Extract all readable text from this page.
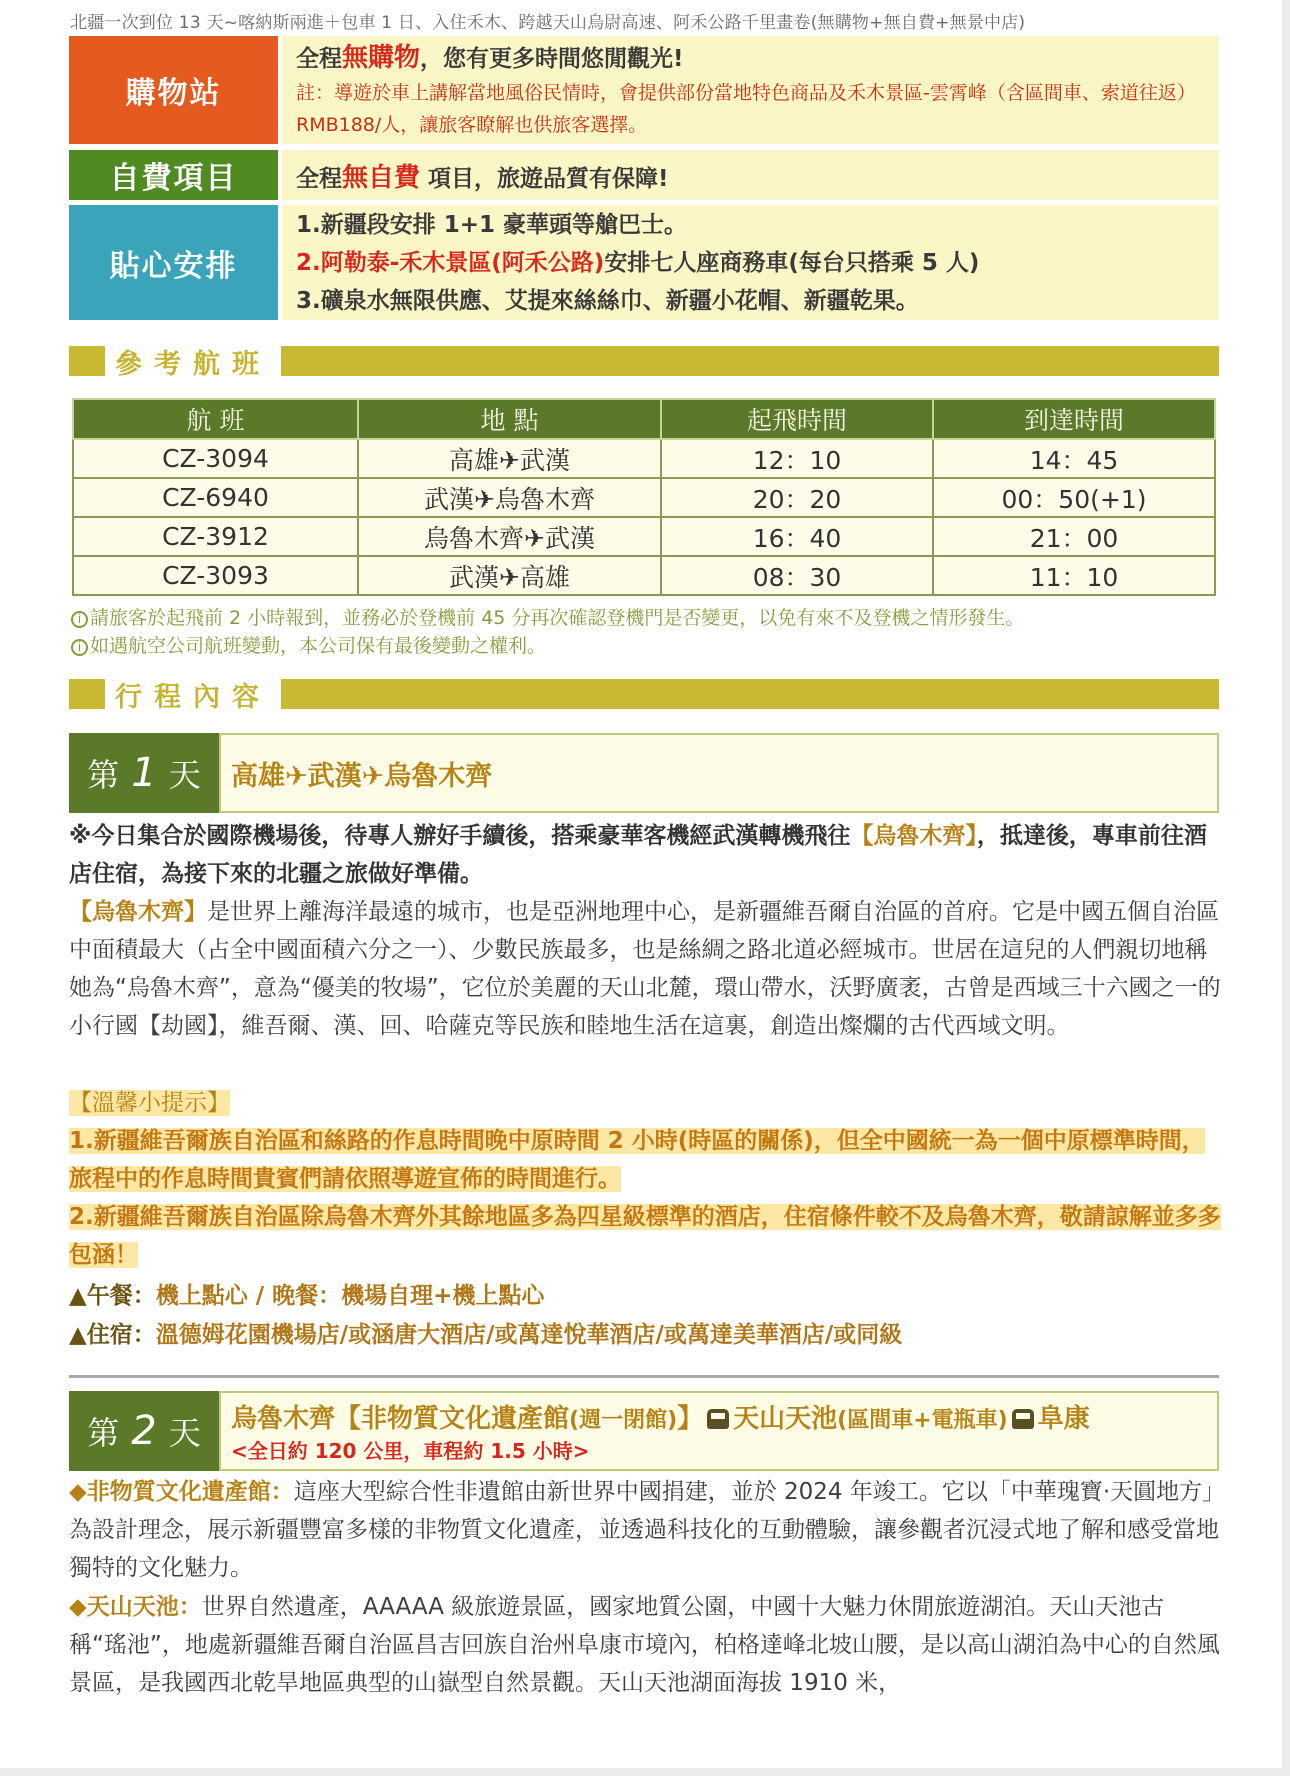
北疆一次到位 13 天~喀納斯兩進＋包車 1 日、入住禾木、跨越天山烏尉高速、阿禾公路千里畫卷(無購物+無自費+無景中店)
購物站
全程無購物，您有更多時間悠閒觀光!
註：導遊於車上講解當地風俗民情時，會提供部份當地特色商品及禾木景區-雲霄峰（含區間車、索道往返）RMB188/人，讓旅客瞭解也供旅客選擇。
自費項目	全程無自費 項目，旅遊品質有保障!
貼心安排
1.新疆段安排 1+1 豪華頭等艙巴士。
2.阿勒泰-禾木景區(阿禾公路)安排七人座商務車(每台只搭乘 5 人)
3.礦泉水無限供應、艾提來絲絲巾、新疆小花帽、新疆乾果。
參考航班
航 班	地 點	起飛時間	到達時間
CZ-3094	高雄✈武漢	12：10	14：45
CZ-6940	武漢✈烏魯木齊	20：20	00：50(+1)
CZ-3912	烏魯木齊✈武漢	16：40	21：00
CZ-3093	武漢✈高雄	08：30	11：10
i 請旅客於起飛前 2 小時報到，並務必於登機前 45 分再次確認登機門是否變更，以免有來不及登機之情形發生。
i 如遇航空公司航班變動，本公司保有最後變動之權利。
行程內容
第 1 天 高雄✈武漢✈烏魯木齊
※今日集合於國際機場後，待專人辦好手續後，搭乘豪華客機經武漢轉機飛往【烏魯木齊】，抵達後，專車前往酒店住宿，為接下來的北疆之旅做好準備。
【烏魯木齊】是世界上離海洋最遠的城市，也是亞洲地理中心，是新疆維吾爾自治區的首府。它是中國五個自治區中面積最大（占全中國面積六分之一）、少數民族最多，也是絲綢之路北道必經城市。世居在這兒的人們親切地稱她為“烏魯木齊”，意為“優美的牧場”，它位於美麗的天山北麓，環山帶水，沃野廣袤，古曾是西域三十六國之一的小行國【劫國】，維吾爾、漢、回、哈薩克等民族和睦地生活在這裏，創造出燦爛的古代西域文明。
【溫馨小提示】
1.新疆維吾爾族自治區和絲路的作息時間晚中原時間 2 小時(時區的關係)，但全中國統一為一個中原標準時間，旅程中的作息時間貴賓們請依照導遊宣佈的時間進行。
2.新疆維吾爾族自治區除烏魯木齊外其餘地區多為四星級標準的酒店，住宿條件較不及烏魯木齊，敬請諒解並多多包涵！
▲午餐：機上點心 / 晚餐：機場自理+機上點心
▲住宿：溫德姆花園機場店/或涵唐大酒店/或萬達悅華酒店/或萬達美華酒店/或同級
第 2 天 烏魯木齊【非物質文化遺產館(週一閉館)】 天山天池(區間車+電瓶車) 阜康
<全日約 120 公里，車程約 1.5 小時>
◆非物質文化遺產館：這座大型綜合性非遺館由新世界中國捐建，並於 2024 年竣工。它以「中華瑰寶·天圓地方」為設計理念，展示新疆豐富多樣的非物質文化遺產，並透過科技化的互動體驗，讓參觀者沉浸式地了解和感受當地獨特的文化魅力。
◆天山天池：世界自然遺產，AAAAA 級旅遊景區，國家地質公園，中國十大魅力休閒旅遊湖泊。天山天池古稱“瑤池”，地處新疆維吾爾自治區昌吉回族自治州阜康市境內，柏格達峰北坡山腰，是以高山湖泊為中心的自然風景區，是我國西北乾旱地區典型的山嶽型自然景觀。天山天池湖面海拔 1910 米，
